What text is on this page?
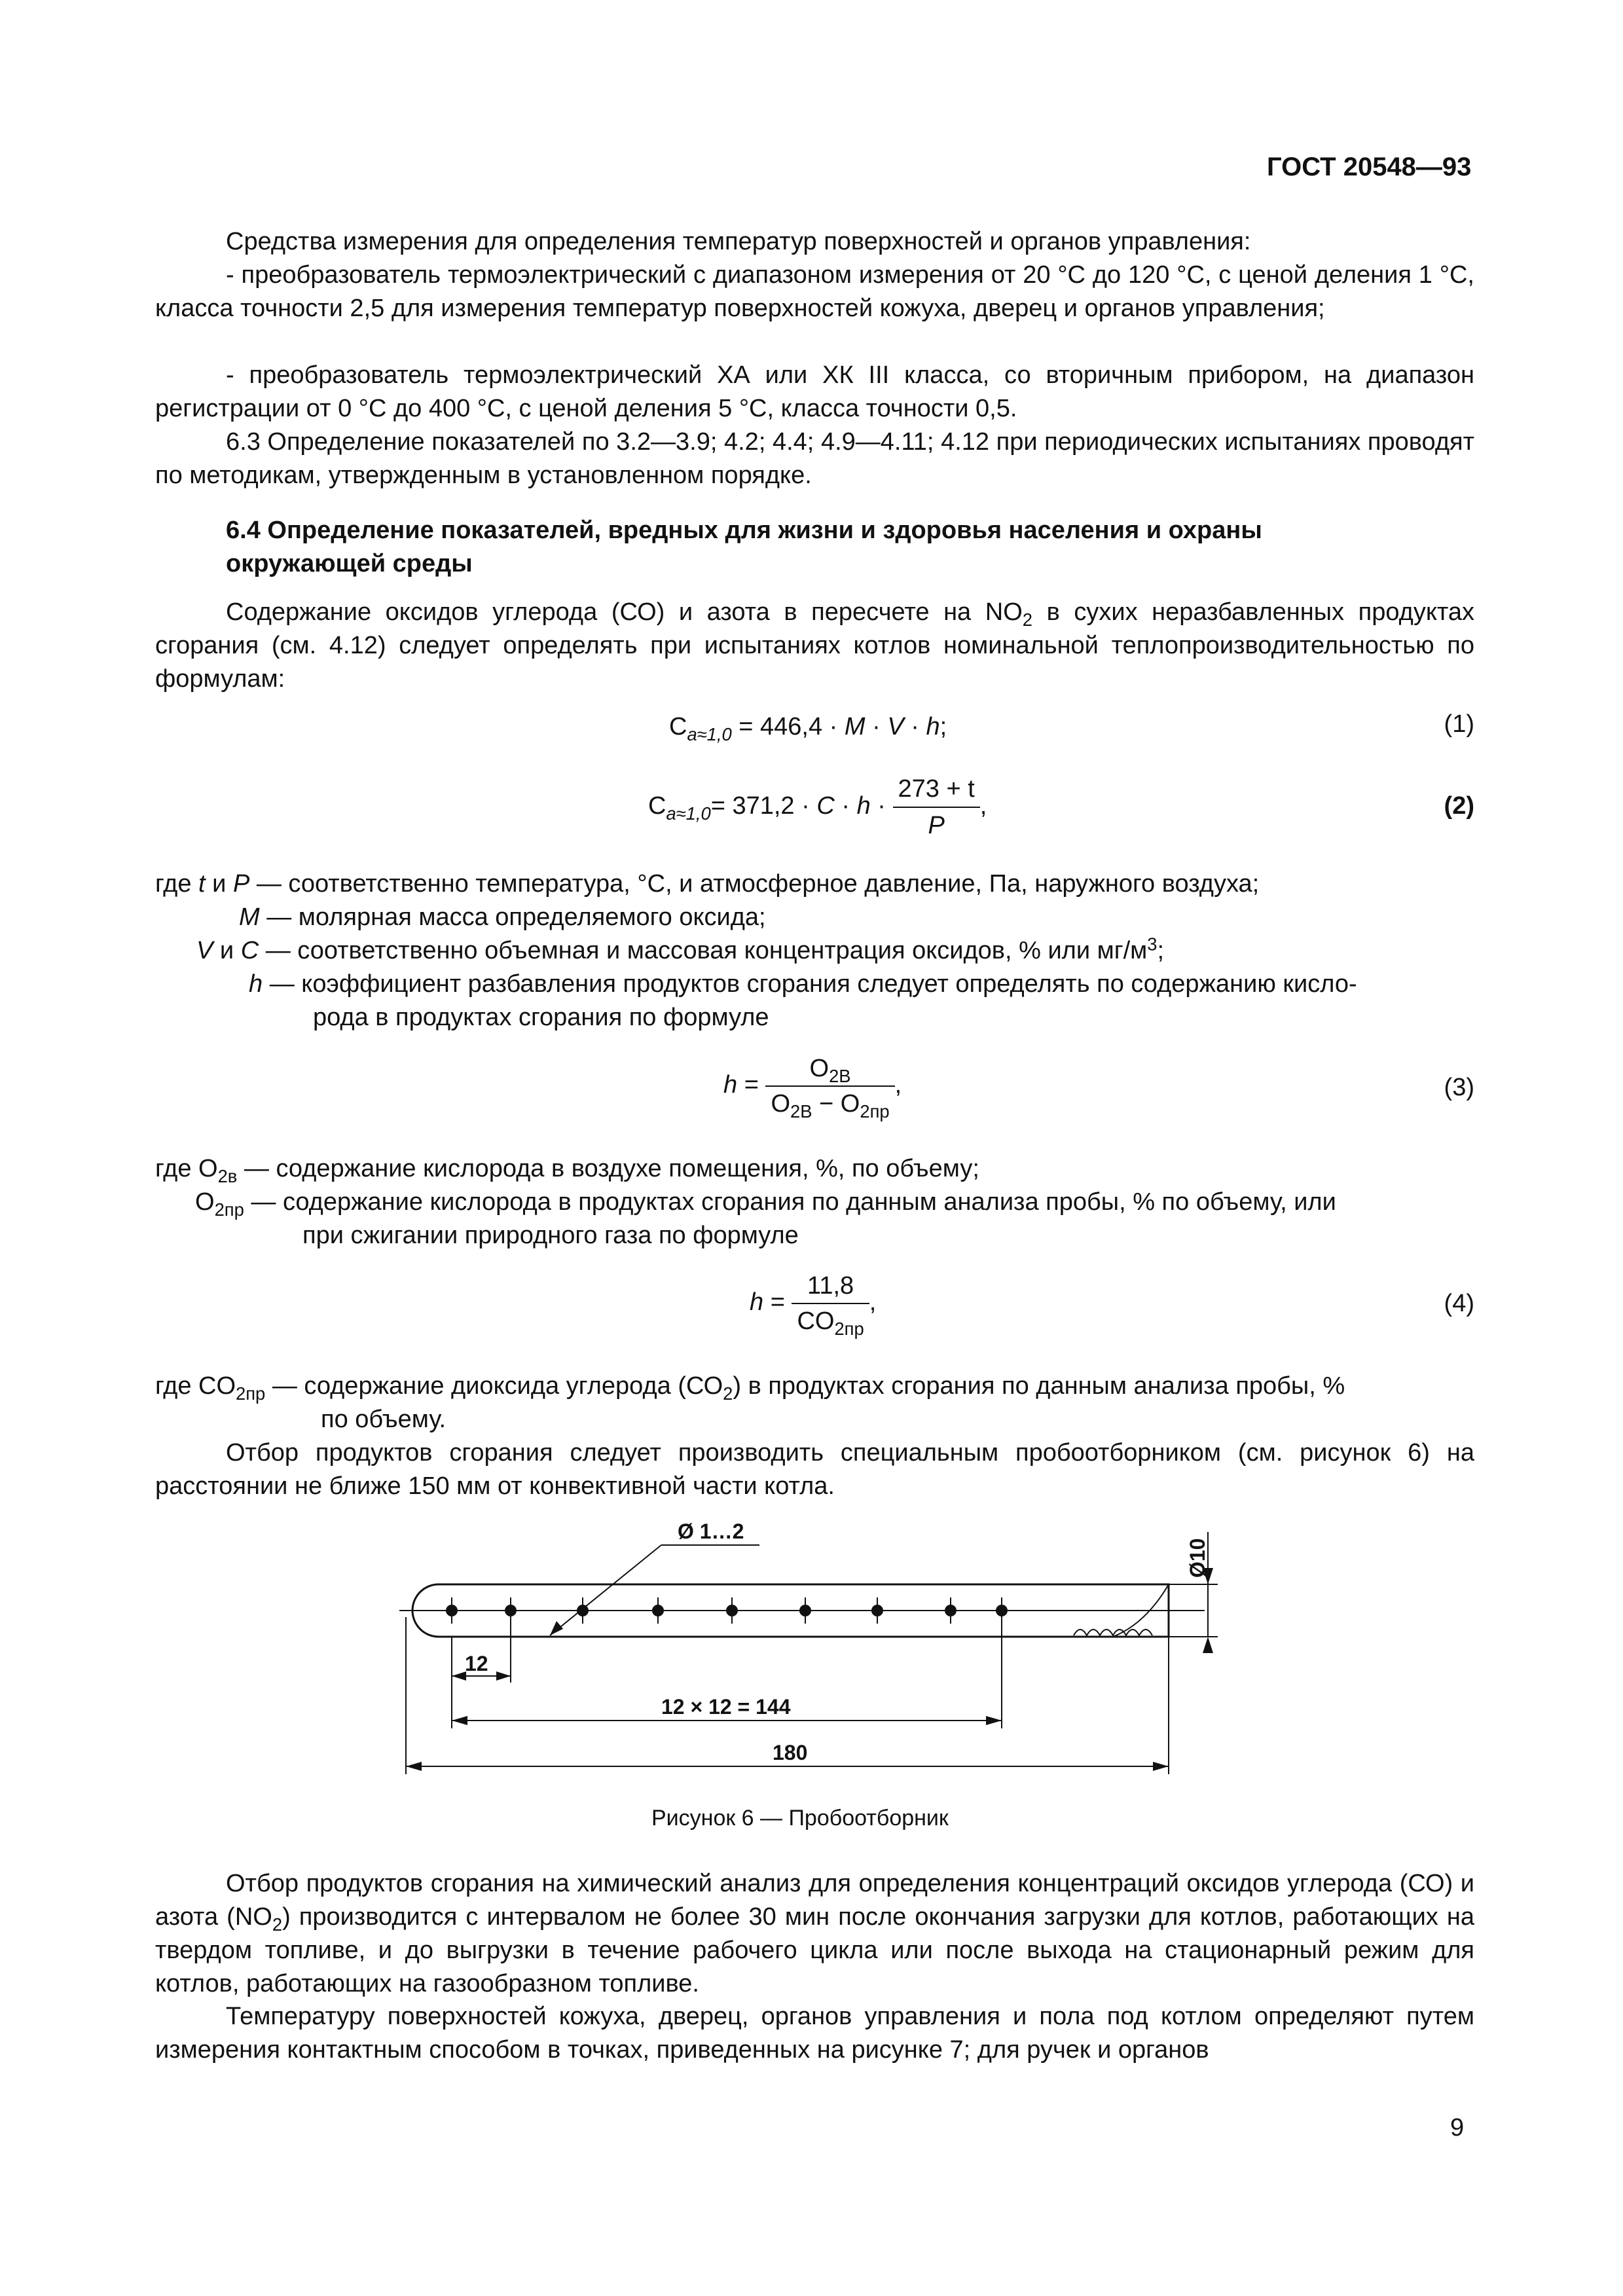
ГОСТ 20548—93

Средства измерения для определения температур поверхностей и органов управления:

- преобразователь термоэлектрический с диапазоном измерения от 20 °С до 120 °С, с ценой деления 1 °С, класса точности 2,5 для измерения температур поверхностей кожуха, дверец и органов управления;

- преобразователь термоэлектрический ХА или ХК III класса, со вторичным прибором, на диапазон регистрации от 0 °С до 400 °С, с ценой деления 5 °С, класса точности 0,5.

6.3 Определение показателей по 3.2—3.9; 4.2; 4.4; 4.9—4.11; 4.12 при периодических испытаниях проводят по методикам, утвержденным в установленном порядке.

6.4 Определение показателей, вредных для жизни и здоровья населения и охраны окружающей среды

Содержание оксидов углерода (СО) и азота в пересчете на $NO_2$ в сухих неразбавленных продуктах сгорания (см. 4.12) следует определять при испытаниях котлов номинальной теплопроизводительностью по формулам:

$C_{a\approx 1,0} = 446,4 \cdot M \cdot V \cdot h$;	(1)
$C_{a\approx 1,0}= 371,2 \cdot C \cdot h \cdot \frac{273 + t}{P}$ ,	(2)
где t и P — соответственно температура, °С, и атмосферное давление, Па, наружного воздуха;
M — молярная масса определяемого оксида;
V и C — соответственно объемная и массовая концентрация оксидов, % или $мг/м^3$;
h — коэффициент разбавления продуктов сгорания следует определять по содержанию кисло-
рода в продуктах сгорания по формуле
$h = \frac{O_{2В}}{O_{2В} - O_{2пр}}$ ,	(3)
где $O_{2в}$ — содержание кислорода в воздухе помещения, %, по объему;
$O_{2пр}$ — содержание кислорода в продуктах сгорания по данным анализа пробы, % по объему, или
при сжигании природного газа по формуле
$h = \frac{11,8}{CO_{2пр}}$ ,	(4)
где $CO_{2пр}$ — содержание диоксида углерода $(СО_2)$ в продуктах сгорания по данным анализа пробы, %
по объему.

Отбор продуктов сгорания следует производить специальным пробоотборником (см. рисунок 6) на расстоянии не ближе 150 мм от конвективной части котла.

Ø 1…2
12
12 × 12 = 144
180
Ø10
Рисунок 6 — Пробоотборник

Отбор продуктов сгорания на химический анализ для определения концентраций оксидов углерода (СО) и азота $(NO_2)$ производится с интервалом не более 30 мин после окончания загрузки для котлов, работающих на твердом топливе, и до выгрузки в течение рабочего цикла или после выхода на стационарный режим для котлов, работающих на газообразном топливе.

Температуру поверхностей кожуха, дверец, органов управления и пола под котлом определяют путем измерения контактным способом в точках, приведенных на рисунке 7; для ручек и органов

9
